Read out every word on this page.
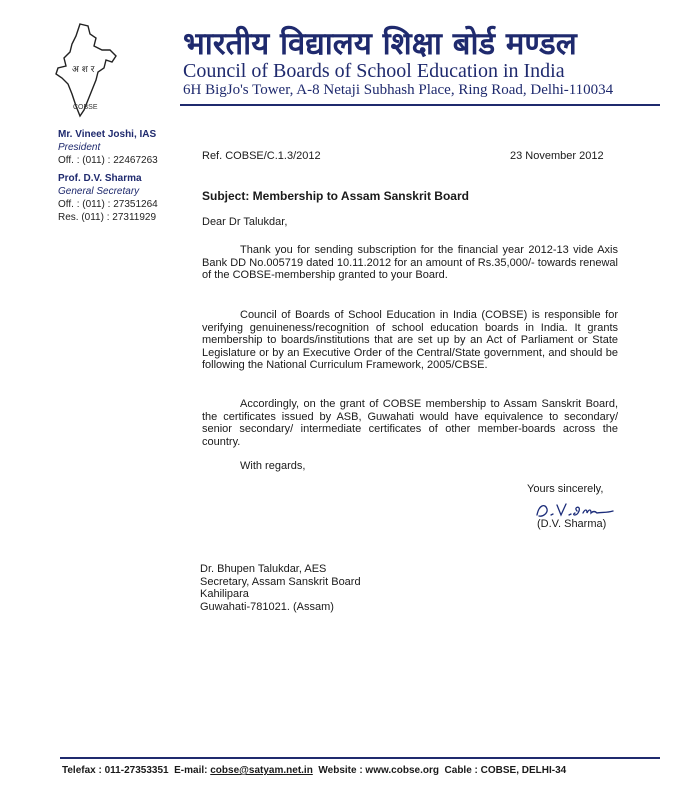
अ श र
COBSE
भारतीय विद्यालय शिक्षा बोर्ड मण्डल
Council of Boards of School Education in India
6H BigJo's Tower, A-8 Netaji Subhash Place, Ring Road, Delhi-110034
Mr. Vineet Joshi, IAS
President
Off. : (011) : 22467263
Prof. D.V. Sharma
General Secretary
Off. : (011) : 27351264
Res. (011) : 27311929
Ref. COBSE/C.1.3/2012	23 November 2012
Subject: Membership to Assam Sanskrit Board
Dear Dr Talukdar,
Thank you for sending subscription for the financial year 2012-13 vide Axis Bank DD No.005719 dated 10.11.2012 for an amount of Rs.35,000/- towards renewal of the COBSE-membership granted to your Board.
Council of Boards of School Education in India (COBSE) is responsible for verifying genuineness/recognition of school education boards in India. It grants membership to boards/institutions that are set up by an Act of Parliament or State Legislature or by an Executive Order of the Central/State government, and should be following the National Curriculum Framework, 2005/CBSE.
Accordingly, on the grant of COBSE membership to Assam Sanskrit Board, the certificates issued by ASB, Guwahati would have equivalence to secondary/ senior secondary/ intermediate certificates of other member-boards across the country.
With regards,
Yours sincerely,
(D.V. Sharma)
Dr. Bhupen Talukdar, AES
Secretary, Assam Sanskrit Board
Kahilipara
Guwahati-781021. (Assam)
Telefax : 011-27353351 E-mail: cobse@satyam.net.in Website : www.cobse.org Cable : COBSE, DELHI-34
